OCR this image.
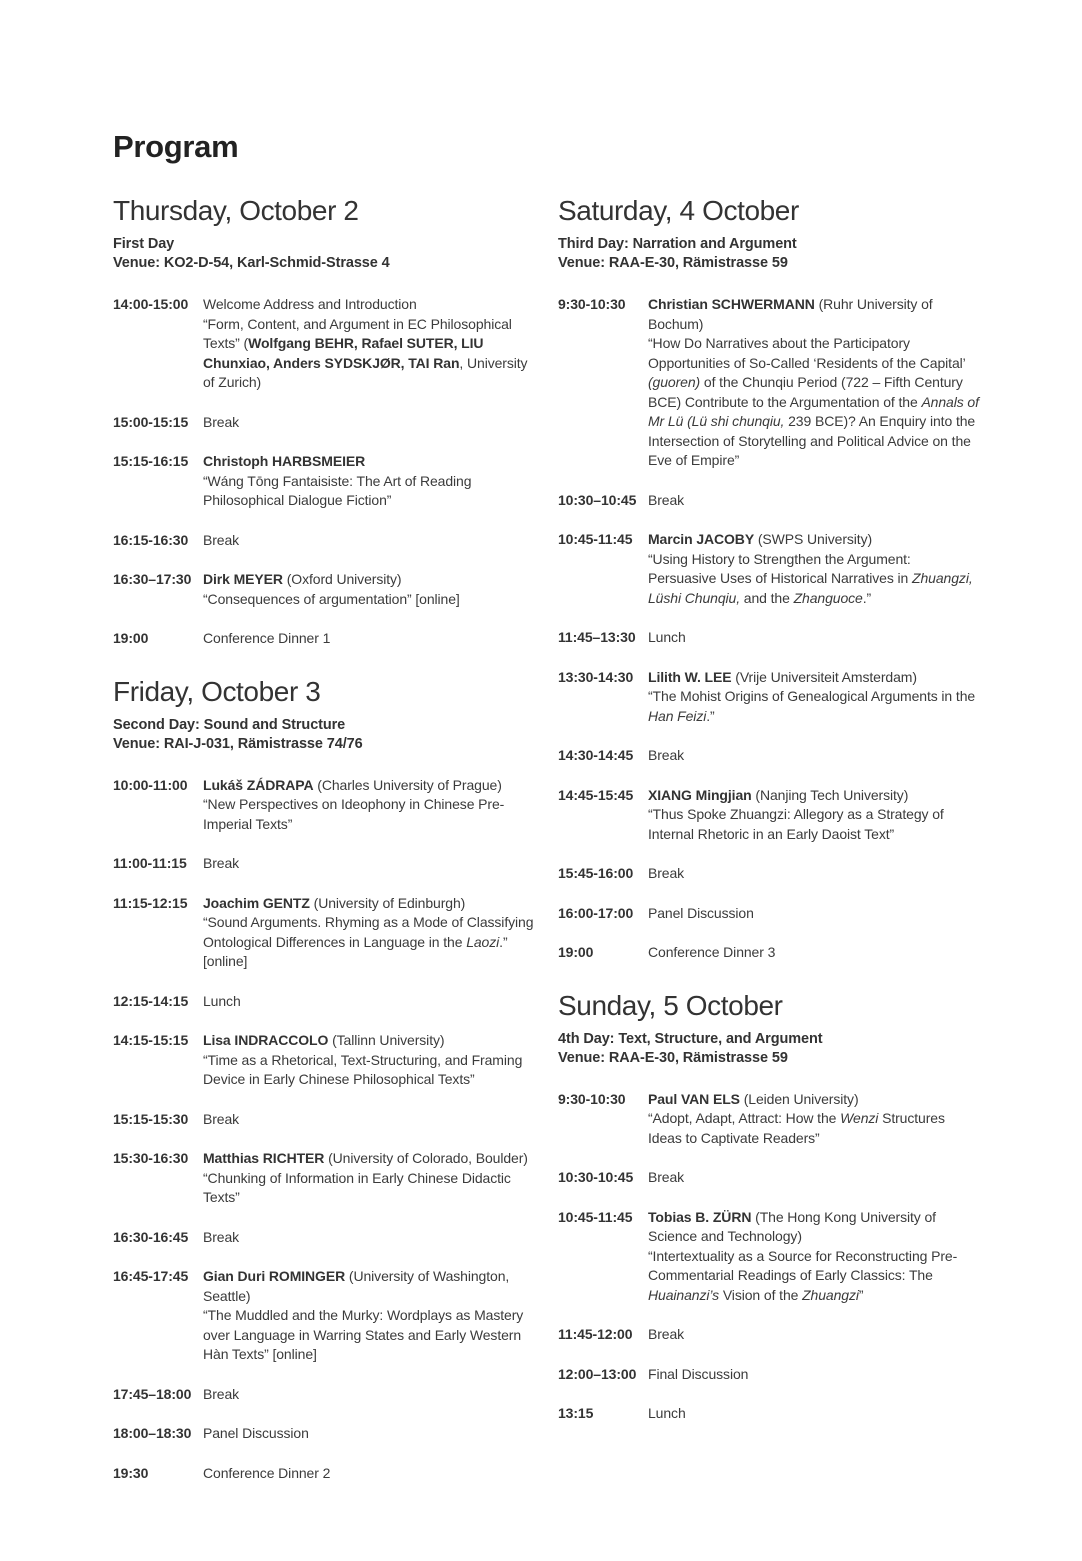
Program
Thursday, October 2
First Day
Venue: KO2-D-54, Karl-Schmid-Strasse 4
14:00-15:00	Welcome Address and Introduction
“Form, Content, and Argument in EC Philosophical Texts” (Wolfgang BEHR, Rafael SUTER, LIU Chunxiao, Anders SYDSKJØR, TAI Ran, University of Zurich)
15:00-15:15	Break
15:15-16:15	Christoph HARBSMEIER
“Wáng Tōng Fantaisiste: The Art of Reading Philosophical Dialogue Fiction”
16:15-16:30	Break
16:30–17:30 Dirk MEYER (Oxford University)
“Consequences of argumentation” [online]
19:00	Conference Dinner 1
Friday, October 3
Second Day: Sound and Structure
Venue: RAI-J-031, Rämistrasse 74/76
10:00-11:00	Lukáš ZÁDRAPA (Charles University of Prague)
“New Perspectives on Ideophony in Chinese Pre-Imperial Texts”
11:00-11:15	Break
11:15-12:15	Joachim GENTZ (University of Edinburgh)
“Sound Arguments. Rhyming as a Mode of Classifying Ontological Differences in Language in the Laozi.” [online]
12:15-14:15	Lunch
14:15-15:15	Lisa INDRACCOLO (Tallinn University)
“Time as a Rhetorical, Text-Structuring, and Framing Device in Early Chinese Philosophical Texts”
15:15-15:30	Break
15:30-16:30	Matthias RICHTER (University of Colorado, Boulder)
“Chunking of Information in Early Chinese Didactic Texts”
16:30-16:45	Break
16:45-17:45	Gian Duri ROMINGER (University of Washington, Seattle)
“The Muddled and the Murky: Wordplays as Mastery over Language in Warring States and Early Western Hàn Texts” [online]
17:45–18:00 Break
18:00–18:30 Panel Discussion
19:30	Conference Dinner 2
Saturday, 4 October
Third Day: Narration and Argument
Venue: RAA-E-30, Rämistrasse 59
9:30-10:30	Christian SCHWERMANN (Ruhr University of Bochum)
“How Do Narratives about the Participatory Opportunities of So-Called ‘Residents of the Capital’ (guoren) of the Chunqiu Period (722 – Fifth Century BCE) Contribute to the Argumentation of the Annals of Mr Lü (Lü shi chunqiu, 239 BCE)? An Enquiry into the Intersection of Storytelling and Political Advice on the Eve of Empire”
10:30–10:45 Break
10:45-11:45	Marcin JACOBY (SWPS University)
“Using History to Strengthen the Argument: Persuasive Uses of Historical Narratives in Zhuangzi, Lüshi Chunqiu, and the Zhanguoce.”
11:45–13:30 Lunch
13:30-14:30	Lilith W. LEE (Vrije Universiteit Amsterdam)
“The Mohist Origins of Genealogical Arguments in the Han Feizi.”
14:30-14:45	Break
14:45-15:45	XIANG Mingjian (Nanjing Tech University)
“Thus Spoke Zhuangzi: Allegory as a Strategy of Internal Rhetoric in an Early Daoist Text”
15:45-16:00	Break
16:00-17:00	Panel Discussion
19:00	Conference Dinner 3
Sunday, 5 October
4th Day: Text, Structure, and Argument
Venue: RAA-E-30, Rämistrasse 59
9:30-10:30	Paul VAN ELS (Leiden University)
“Adopt, Adapt, Attract: How the Wenzi Structures Ideas to Captivate Readers”
10:30-10:45	Break
10:45-11:45	Tobias B. ZÜRN (The Hong Kong University of Science and Technology)
“Intertextuality as a Source for Reconstructing Pre-Commentarial Readings of Early Classics: The Huainanzi’s Vision of the Zhuangzi”
11:45-12:00	Break
12:00–13:00 Final Discussion
13:15	Lunch
